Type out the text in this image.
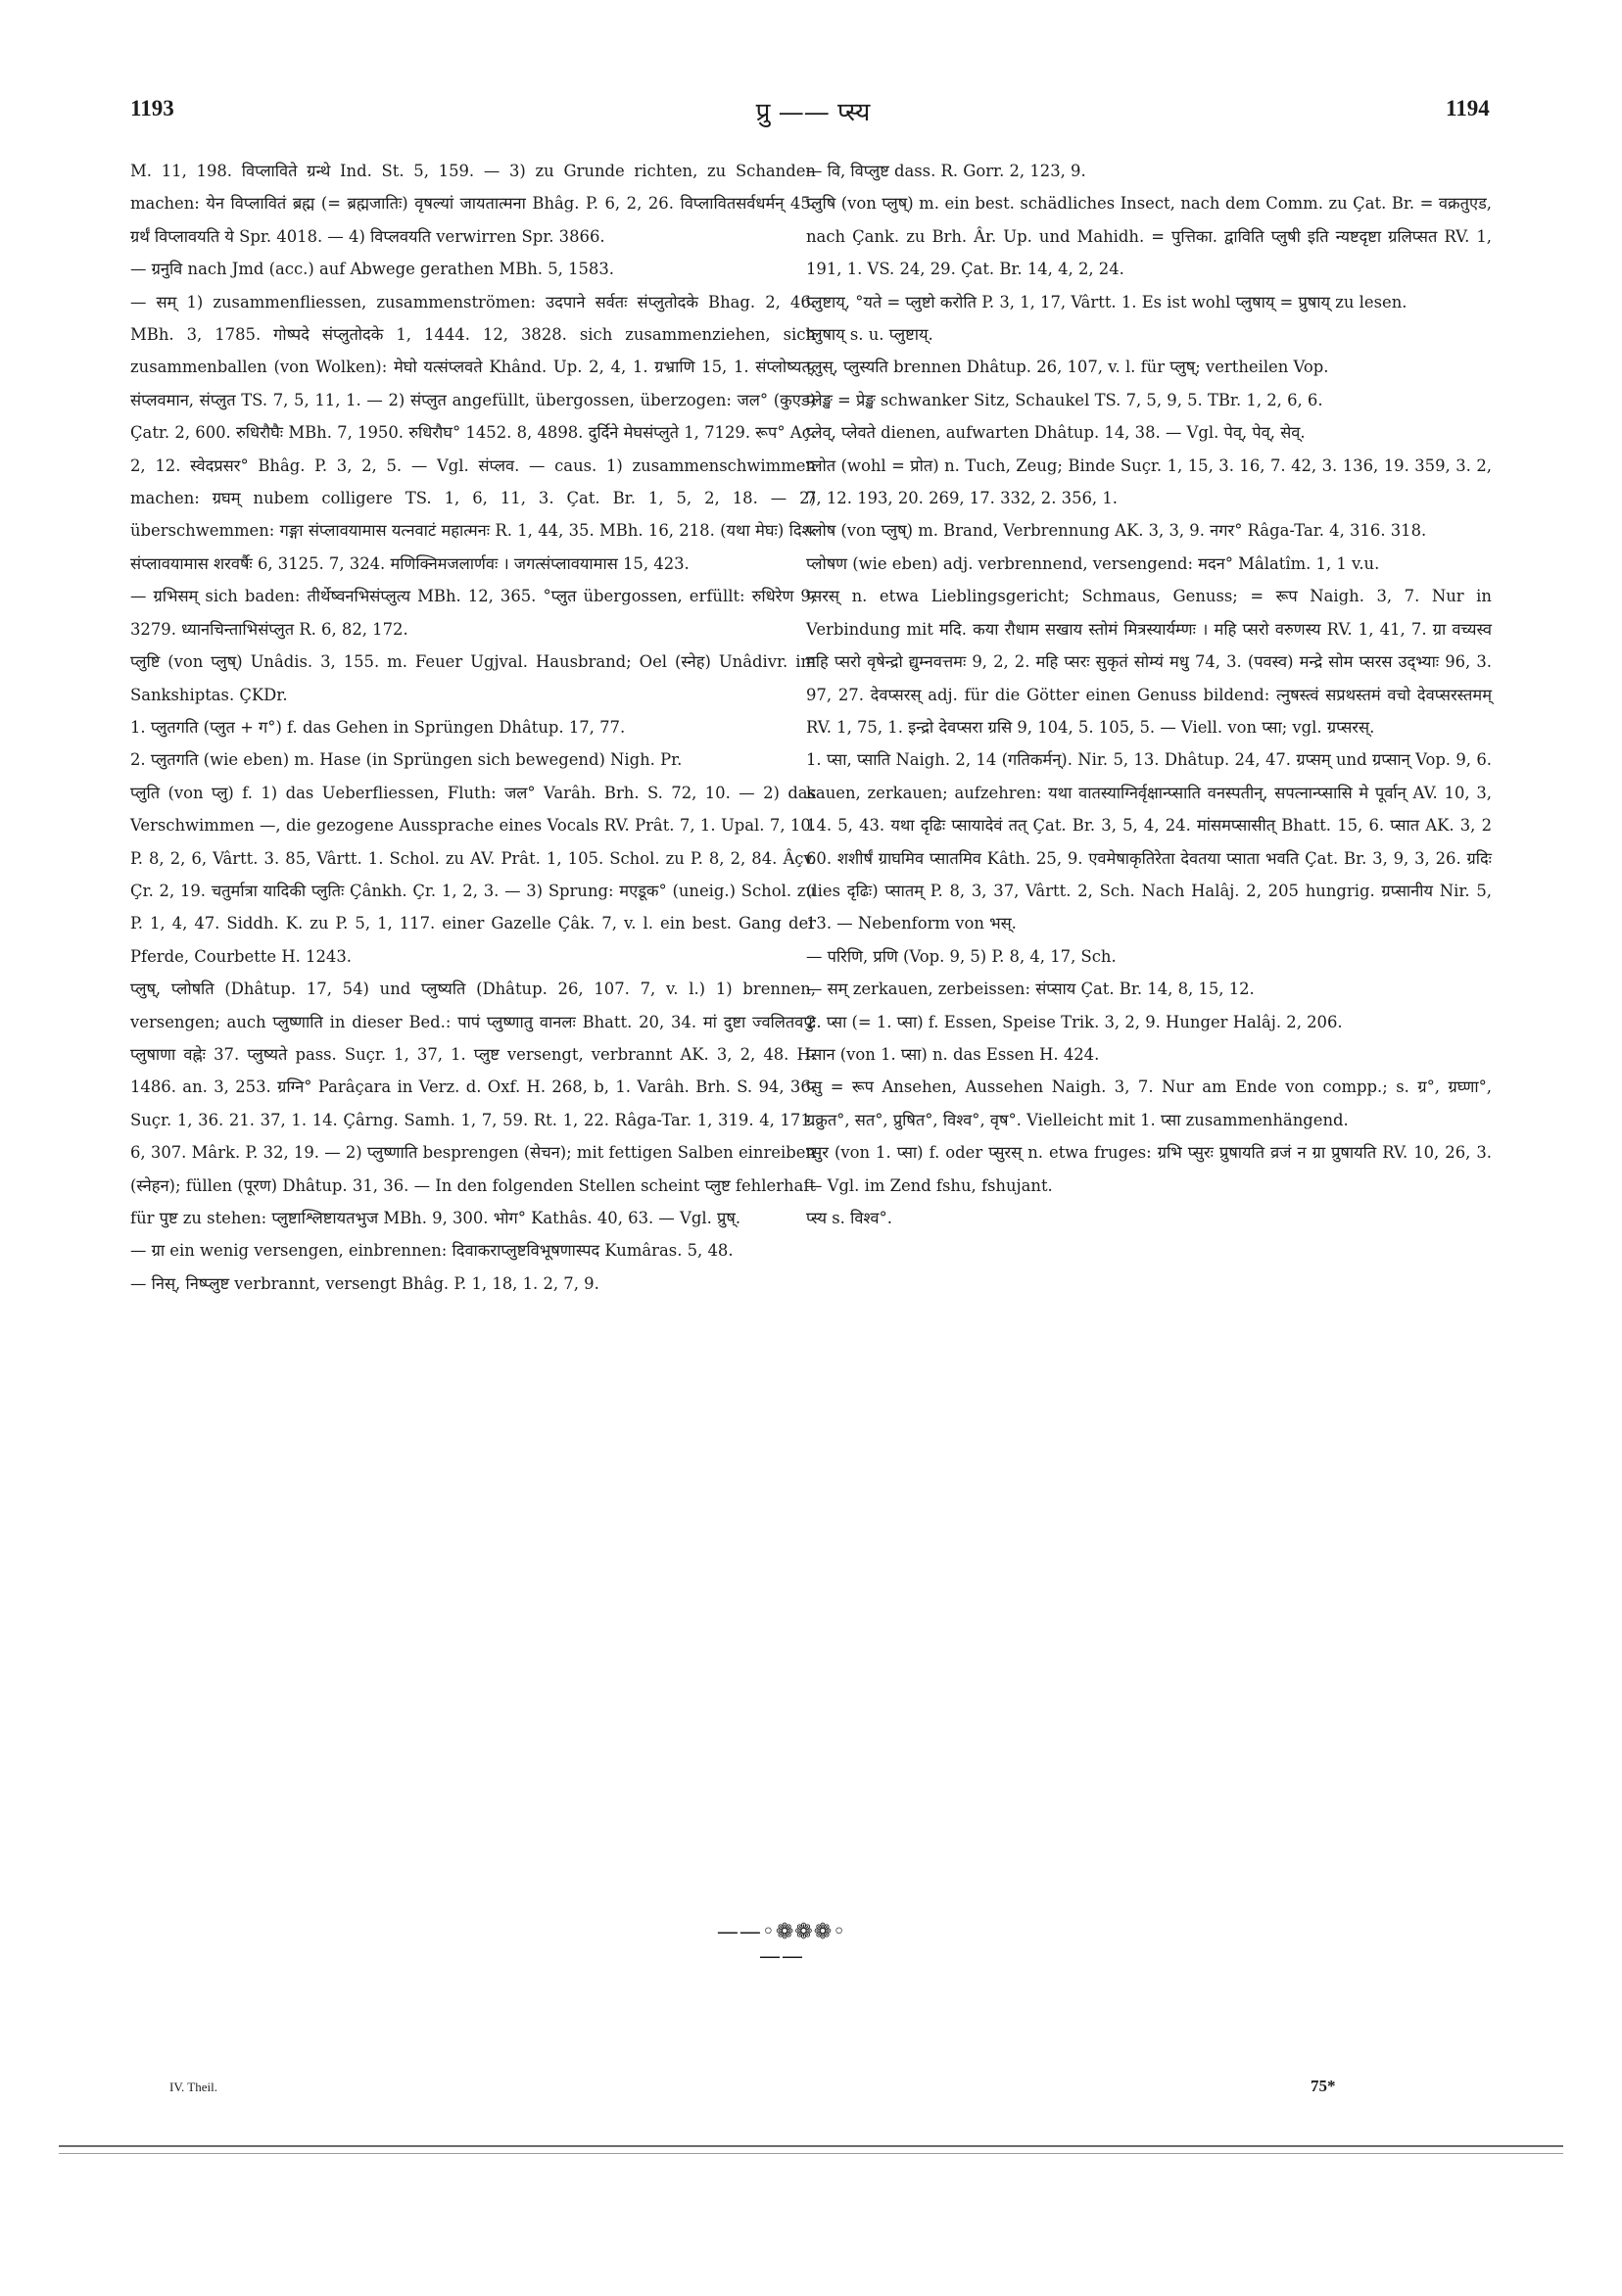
1193	प्रु —— प्स्य	1194

M. 11, 198. विप्लाविते ग्रन्थे Ind. St. 5, 159. — 3) zu Grunde richten, zu Schanden machen: येन विप्लावितं ब्रह्म (= ब्रह्मजातिः) वृषल्यां जायतात्मना Bhâg. P. 6, 2, 26. विप्लावितसर्वधर्मन् 45. ग्रर्थं विप्लावयति ये Spr. 4018. — 4) विप्लवयति verwirren Spr. 3866.

— ग्रनुवि nach Jmd (acc.) auf Abwege gerathen MBh. 5, 1583.

— सम् 1) zusammenfliessen, zusammenströmen: उदपाने सर्वतः संप्लुतोदके Bhag. 2, 46. MBh. 3, 1785. गोष्पदे संप्लुतोदके 1, 1444. 12, 3828. sich zusammenziehen, sich zusammenballen (von Wolken): मेघो यत्संप्लवते Khând. Up. 2, 4, 1. ग्रभ्राणि 15, 1. संप्लोष्यत्, संप्लवमान, संप्लुत TS. 7, 5, 11, 1. — 2) संप्लुत angefüllt, übergossen, überzogen: जल° (कुएड) Çatr. 2, 600. रुधिरौघैः MBh. 7, 1950. रुधिरौघ° 1452. 8, 4898. दुर्दिने मेघसंप्लुते 1, 7129. रूप° Aç. 2, 12. स्वेदप्रसर° Bhâg. P. 3, 2, 5. — Vgl. संप्लव. — caus. 1) zusammenschwimmen machen: ग्रघम् nubem colligere TS. 1, 6, 11, 3. Çat. Br. 1, 5, 2, 18. — 2) überschwemmen: गङ्गा संप्लावयामास यत्नवाटं महात्मनः R. 1, 44, 35. MBh. 16, 218. (यथा मेघः) दिशः संप्लावयामास शरवर्षैः 6, 3125. 7, 324. मणिक्निमजलार्णवः । जगत्संप्लावयामास 15, 423.

— ग्रभिसम् sich baden: तीर्थेष्वनभिसंप्लुत्य MBh. 12, 365. °प्लुत übergossen, erfüllt: रुधिरेण 9, 3279. ध्यानचिन्ताभिसंप्लुत R. 6, 82, 172.

प्लुष्टि (von प्लुष्) Unâdis. 3, 155. m. Feuer Ugjval. Hausbrand; Oel (स्नेह) Unâdivr. im Sankshiptas. ÇKDr.

1. प्लुतगति (प्लुत + ग°) f. das Gehen in Sprüngen Dhâtup. 17, 77.

2. प्लुतगति (wie eben) m. Hase (in Sprüngen sich bewegend) Nigh. Pr.

प्लुति (von प्लु) f. 1) das Ueberfliessen, Fluth: जल° Varâh. Brh. S. 72, 10. — 2) das Verschwimmen —, die gezogene Aussprache eines Vocals RV. Prât. 7, 1. Upal. 7, 10. P. 8, 2, 6, Vârtt. 3. 85, Vârtt. 1. Schol. zu AV. Prât. 1, 105. Schol. zu P. 8, 2, 84. Âçv. Çr. 2, 19. चतुर्मात्रा यादिकी प्लुतिः Çânkh. Çr. 1, 2, 3. — 3) Sprung: मएडूक° (uneig.) Schol. zu P. 1, 4, 47. Siddh. K. zu P. 5, 1, 117. einer Gazelle Çâk. 7, v. l. ein best. Gang der Pferde, Courbette H. 1243.

प्लुष्, प्लोषति (Dhâtup. 17, 54) und प्लुष्यति (Dhâtup. 26, 107. 7, v. l.) 1) brennen, versengen; auch प्लुष्णाति in dieser Bed.: पापं प्लुष्णातु वानलः Bhatt. 20, 34. मां दुष्टा ज्वलितवपुः प्लुषाणा वह्नेः 37. प्लुष्यते pass. Suçr. 1, 37, 1. प्लुष्ट versengt, verbrannt AK. 3, 2, 48. H. 1486. an. 3, 253. ग्रग्नि° Parâçara in Verz. d. Oxf. H. 268, b, 1. Varâh. Brh. S. 94, 36. Suçr. 1, 36. 21. 37, 1. 14. Çârng. Samh. 1, 7, 59. Rt. 1, 22. Râga-Tar. 1, 319. 4, 171. 6, 307. Mârk. P. 32, 19. — 2) प्लुष्णाति besprengen (सेचन); mit fettigen Salben einreiben (स्नेहन); füllen (पूरण) Dhâtup. 31, 36. — In den folgenden Stellen scheint प्लुष्ट fehlerhaft für पुष्ट zu stehen: प्लुष्टाश्लिष्टायतभुज MBh. 9, 300. भोग° Kathâs. 40, 63. — Vgl. प्रुष्.

— ग्रा ein wenig versengen, einbrennen: दिवाकराप्लुष्टविभूषणास्पद Kumâras. 5, 48.

— निस्, निष्प्लुष्ट verbrannt, versengt Bhâg. P. 1, 18, 1. 2, 7, 9.

— वि, विप्लुष्ट dass. R. Gorr. 2, 123, 9.

प्लुषि (von प्लुष्) m. ein best. schädliches Insect, nach dem Comm. zu Çat. Br. = वक्रतुएड, nach Çank. zu Brh. Âr. Up. und Mahidh. = पुत्तिका. द्वाविति प्लुषी इति न्यष्टदृष्टा ग्रलिप्सत RV. 1, 191, 1. VS. 24, 29. Çat. Br. 14, 4, 2, 24.

प्लुष्टाय्, °यते = प्लुष्टो करोति P. 3, 1, 17, Vârtt. 1. Es ist wohl प्लुषाय् = प्रुषाय् zu lesen.

प्लुषाय् s. u. प्लुष्टाय्.

प्लुस्, प्लुस्यति brennen Dhâtup. 26, 107, v. l. für प्लुष्; vertheilen Vop.

प्लेङ्ख = प्रेङ्ख schwanker Sitz, Schaukel TS. 7, 5, 9, 5. TBr. 1, 2, 6, 6.

प्लेव्, प्लेवते dienen, aufwarten Dhâtup. 14, 38. — Vgl. पेव्, पेव्, सेव्.

प्लोत (wohl = प्रोत) n. Tuch, Zeug; Binde Suçr. 1, 15, 3. 16, 7. 42, 3. 136, 19. 359, 3. 2, 7, 12. 193, 20. 269, 17. 332, 2. 356, 1.

प्लोष (von प्लुष्) m. Brand, Verbrennung AK. 3, 3, 9. नगर° Râga-Tar. 4, 316. 318.

प्लोषण (wie eben) adj. verbrennend, versengend: मदन° Mâlatîm. 1, 1 v.u.

प्सरस् n. etwa Lieblingsgericht; Schmaus, Genuss; = रूप Naigh. 3, 7. Nur in Verbindung mit मदि. कया रौधाम सखाय स्तोमं मित्रस्यार्यम्णः । महि प्सरो वरुणस्य RV. 1, 41, 7. ग्रा वच्यस्व महि प्सरो वृषेन्द्रो द्युम्नवत्तमः 9, 2, 2. महि प्सरः सुकृतं सोम्यं मधु 74, 3. (पवस्व) मन्द्रे सोम प्सरस उद्भ्याः 96, 3. 97, 27. देवप्सरस् adj. für die Götter einen Genuss bildend: त्नुषस्त्वं सप्रथस्तमं वचो देवप्सरस्तमम् RV. 1, 75, 1. इन्द्रो देवप्सरा ग्रसि 9, 104, 5. 105, 5. — Viell. von प्सा; vgl. ग्रप्सरस्.

1. प्सा, प्साति Naigh. 2, 14 (गतिकर्मन्). Nir. 5, 13. Dhâtup. 24, 47. ग्रप्सम् und ग्रप्सान् Vop. 9, 6. kauen, zerkauen; aufzehren: यथा वातस्याग्निर्वृक्षान्प्साति वनस्पतीन्, सपत्नान्प्सासि मे पूर्वान् AV. 10, 3, 14. 5, 43. यथा दृढिः प्सायादेवं तत् Çat. Br. 3, 5, 4, 24. मांसमप्सासीत् Bhatt. 15, 6. प्सात AK. 3, 2 60. शशीर्षं ग्राघमिव प्सातमिव Kâth. 25, 9. एवमेषाकृतिरेता देवतया प्साता भवति Çat. Br. 3, 9, 3, 26. ग्रदिः (lies दृढिः) प्सातम् P. 8, 3, 37, Vârtt. 2, Sch. Nach Halâj. 2, 205 hungrig. ग्रप्सानीय Nir. 5, 13. — Nebenform von भस्.

— परिणि, प्रणि (Vop. 9, 5) P. 8, 4, 17, Sch.

— सम् zerkauen, zerbeissen: संप्साय Çat. Br. 14, 8, 15, 12.

2. प्सा (= 1. प्सा) f. Essen, Speise Trik. 3, 2, 9. Hunger Halâj. 2, 206.

प्सान (von 1. प्सा) n. das Essen H. 424.

प्सु = रूप Ansehen, Aussehen Naigh. 3, 7. Nur am Ende von compp.; s. ग्र°, ग्रघ्णा°, ग्रक्रुत°, सत°, प्रुषित°, विश्व°, वृष°. Vielleicht mit 1. प्सा zusammenhängend.

प्सुर (von 1. प्सा) f. oder प्सुरस् n. etwa fruges: ग्रभि प्सुरः प्रुषायति व्रजं न ग्रा प्रुषायति RV. 10, 26, 3. — Vgl. im Zend fshu, fshujant.

प्स्य s. विश्व°.

——◦❁❁❁◦——
IV. Theil.	75*
